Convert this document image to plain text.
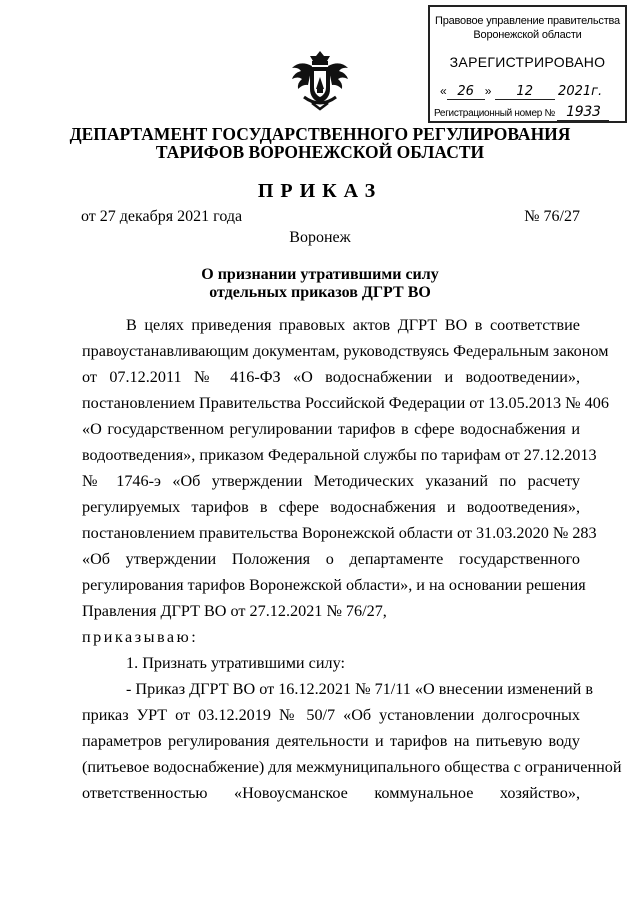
Правовое управление правительства
Воронежской области
ЗАРЕГИСТРИРОВАНО
« 26 » 12 2021г.
Регистрационный номер № 1933
ДЕПАРТАМЕНТ ГОСУДАРСТВЕННОГО РЕГУЛИРОВАНИЯ
ТАРИФОВ ВОРОНЕЖСКОЙ ОБЛАСТИ
ПРИКАЗ
от 27 декабря 2021 года	№ 76/27
Воронеж
О признании утратившими силу
отдельных приказов ДГРТ ВО
В целях приведения правовых актов ДГРТ ВО в соответствие
правоустанавливающим документам, руководствуясь Федеральным законом
от 07.12.2011 № 416-ФЗ «О водоснабжении и водоотведении»,
постановлением Правительства Российской Федерации от 13.05.2013 № 406
«О государственном регулировании тарифов в сфере водоснабжения и
водоотведения», приказом Федеральной службы по тарифам от 27.12.2013
№ 1746-э «Об утверждении Методических указаний по расчету
регулируемых тарифов в сфере водоснабжения и водоотведения»,
постановлением правительства Воронежской области от 31.03.2020 № 283
«Об утверждении Положения о департаменте государственного
регулирования тарифов Воронежской области», и на основании решения
Правления ДГРТ ВО от 27.12.2021 № 76/27,
приказываю:
1. Признать утратившими силу:
- Приказ ДГРТ ВО от 16.12.2021 № 71/11 «О внесении изменений в
приказ УРТ от 03.12.2019 № 50/7 «Об установлении долгосрочных
параметров регулирования деятельности и тарифов на питьевую воду
(питьевое водоснабжение) для межмуниципального общества с ограниченной
ответственностью «Новоусманское коммунальное хозяйство»,
